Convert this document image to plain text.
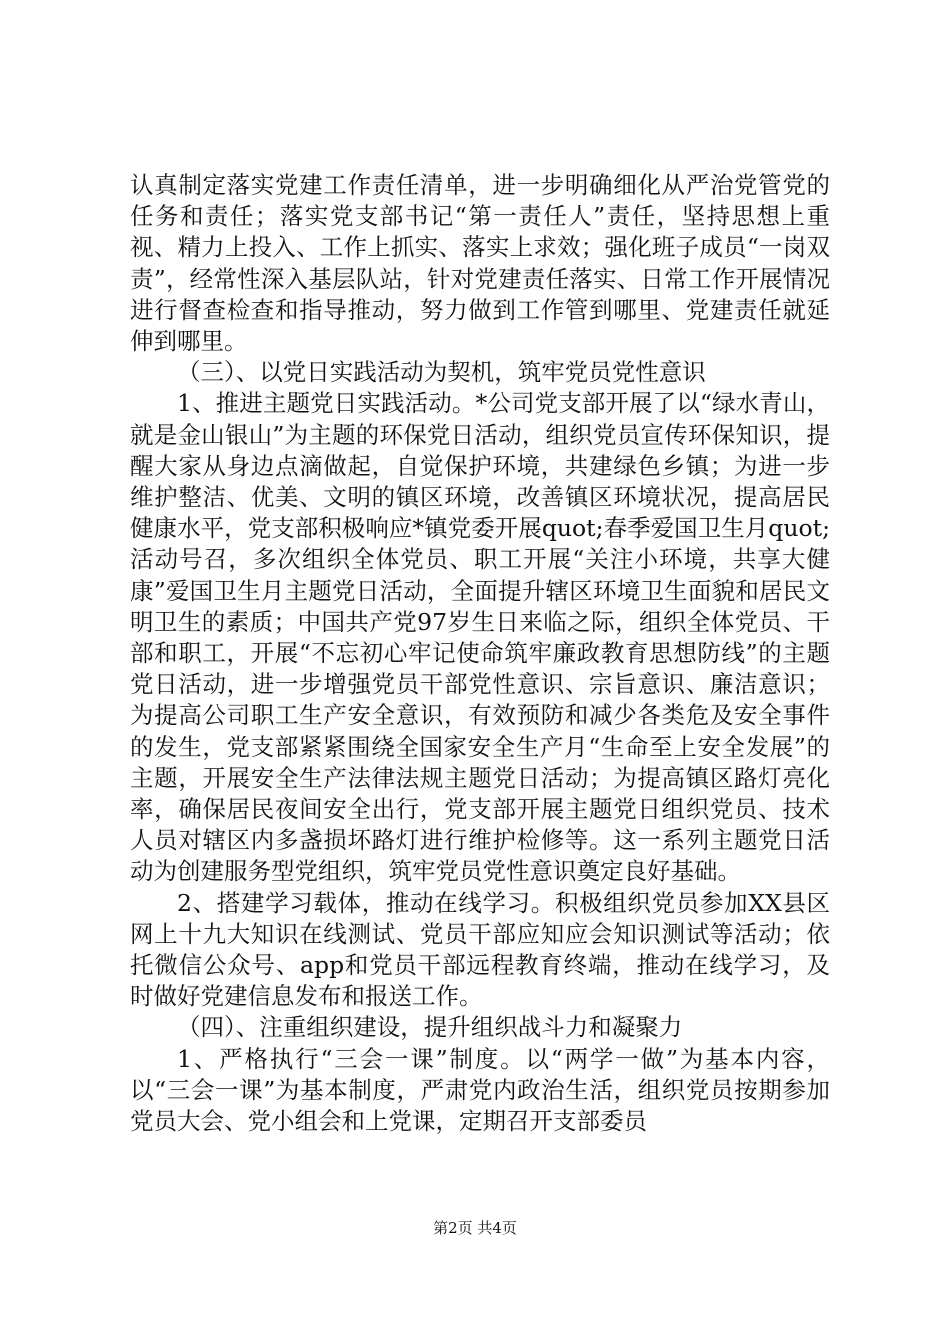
认真制定落实党建工作责任清单，进一步明确细化从严治党管党的任务和责任；落实党支部书记“第一责任人”责任，坚持思想上重视、精力上投入、工作上抓实、落实上求效；强化班子成员“一岗双责”，经常性深入基层队站，针对党建责任落实、日常工作开展情况进行督查检查和指导推动，努力做到工作管到哪里、党建责任就延伸到哪里。

（三）、以党日实践活动为契机，筑牢党员党性意识

1、推进主题党日实践活动。*公司党支部开展了以“绿水青山，就是金山银山”为主题的环保党日活动，组织党员宣传环保知识，提醒大家从身边点滴做起，自觉保护环境，共建绿色乡镇；为进一步维护整洁、优美、文明的镇区环境，改善镇区环境状况，提高居民健康水平，党支部积极响应*镇党委开展quot;春季爱国卫生月quot;活动号召，多次组织全体党员、职工开展“关注小环境，共享大健康”爱国卫生月主题党日活动，全面提升辖区环境卫生面貌和居民文明卫生的素质；中国共产党97岁生日来临之际，组织全体党员、干部和职工，开展“不忘初心牢记使命筑牢廉政教育思想防线”的主题党日活动，进一步增强党员干部党性意识、宗旨意识、廉洁意识；为提高公司职工生产安全意识，有效预防和减少各类危及安全事件的发生，党支部紧紧围绕全国家安全生产月“生命至上安全发展”的主题，开展安全生产法律法规主题党日活动；为提高镇区路灯亮化率，确保居民夜间安全出行，党支部开展主题党日组织党员、技术人员对辖区内多盏损坏路灯进行维护检修等。这一系列主题党日活动为创建服务型党组织，筑牢党员党性意识奠定良好基础。

2、搭建学习载体，推动在线学习。积极组织党员参加XX县区网上十九大知识在线测试、党员干部应知应会知识测试等活动；依托微信公众号、app和党员干部远程教育终端，推动在线学习，及时做好党建信息发布和报送工作。

（四）、注重组织建设，提升组织战斗力和凝聚力

1、严格执行“三会一课”制度。以“两学一做”为基本内容，以“三会一课”为基本制度，严肃党内政治生活，组织党员按期参加党员大会、党小组会和上党课，定期召开支部委员

第2页 共4页
